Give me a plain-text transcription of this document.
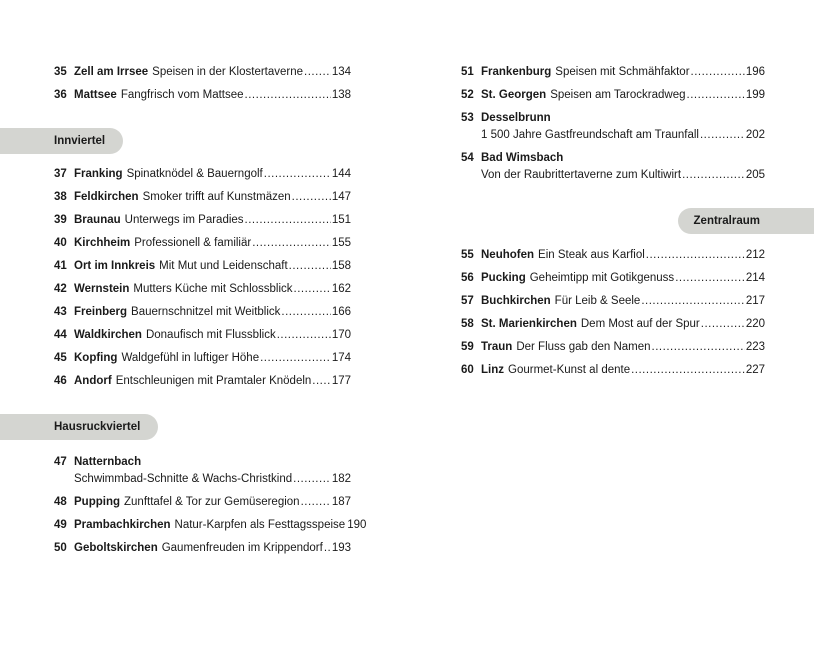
35 Zell am Irrsee Speisen in der Klostertaverne .....	134
36 Mattsee Fangfrisch vom Mattsee .....	138
Innviertel
37 Franking Spinatknödel & Bauerngolf .....	144
38 Feldkirchen Smoker trifft auf Kunstmäzen .....	147
39 Braunau Unterwegs im Paradies .....	151
40 Kirchheim Professionell & familiär .....	155
41 Ort im Innkreis Mit Mut und Leidenschaft .....	158
42 Wernstein Mutters Küche mit Schlossblick .....	162
43 Freinberg Bauernschnitzel mit Weitblick .....	166
44 Waldkirchen Donaufisch mit Flussblick .....	170
45 Kopfing Waldgefühl in luftiger Höhe .....	174
46 Andorf Entschleunigen mit Pramtaler Knödeln ..... 177
Hausruckviertel
47 Natternbach
Schwimmbad-Schnitte & Wachs-Christkind .....	182
48 Pupping Zunfttafel & Tor zur Gemüseregion .....	187
49 Prambachkirchen Natur-Karpfen als Festtagsspeise 190
50 Geboltskirchen Gaumenfreuden im Krippendorf ..... 193
51 Frankenburg Speisen mit Schmähfaktor .....	196
52 St. Georgen Speisen am Tarockradweg .....	199
53 Desselbrunn
1 500 Jahre Gastfreundschaft am Traunfall .....	202
54 Bad Wimsbach
Von der Raubrittertaverne zum Kultiwirt .....	205
Zentralraum
55 Neuhofen Ein Steak aus Karfiol .....	212
56 Pucking Geheimtipp mit Gotikgenuss .....	214
57 Buchkirchen Für Leib & Seele .....	217
58 St. Marienkirchen Dem Most auf der Spur .....	220
59 Traun Der Fluss gab den Namen .....	223
60 Linz Gourmet-Kunst al dente .....	227
